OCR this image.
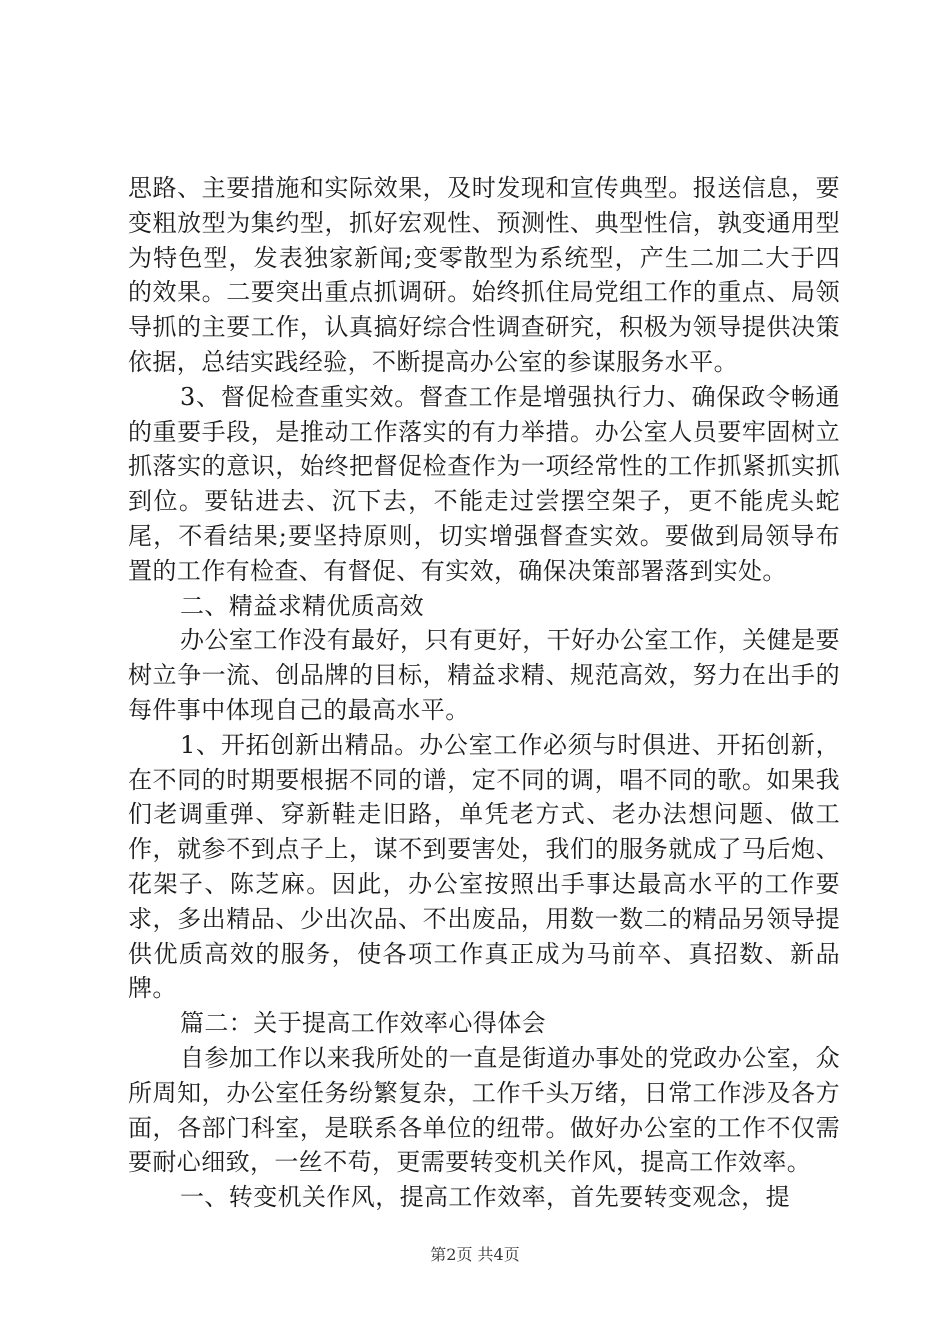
思路、主要措施和实际效果，及时发现和宣传典型。报送信息，要变粗放型为集约型，抓好宏观性、预测性、典型性信，孰变通用型为特色型，发表独家新闻;变零散型为系统型，产生二加二大于四的效果。二要突出重点抓调研。始终抓住局党组工作的重点、局领导抓的主要工作，认真搞好综合性调查研究，积极为领导提供决策依据，总结实践经验，不断提高办公室的参谋服务水平。

3、督促检查重实效。督查工作是增强执行力、确保政令畅通的重要手段，是推动工作落实的有力举措。办公室人员要牢固树立抓落实的意识，始终把督促检查作为一项经常性的工作抓紧抓实抓到位。要钻进去、沉下去，不能走过尝摆空架子，更不能虎头蛇尾，不看结果;要坚持原则，切实增强督查实效。要做到局领导布置的工作有检查、有督促、有实效，确保决策部署落到实处。

二、精益求精优质高效

办公室工作没有最好，只有更好，干好办公室工作，关健是要树立争一流、创品牌的目标，精益求精、规范高效，努力在出手的每件事中体现自己的最高水平。

1、开拓创新出精品。办公室工作必须与时俱进、开拓创新，在不同的时期要根据不同的谱，定不同的调，唱不同的歌。如果我们老调重弹、穿新鞋走旧路，单凭老方式、老办法想问题、做工作，就参不到点子上，谋不到要害处，我们的服务就成了马后炮、花架子、陈芝麻。因此，办公室按照出手事达最高水平的工作要求，多出精品、少出次品、不出废品，用数一数二的精品另领导提供优质高效的服务，使各项工作真正成为马前卒、真招数、新品牌。

篇二：关于提高工作效率心得体会

自参加工作以来我所处的一直是街道办事处的党政办公室，众所周知，办公室任务纷繁复杂，工作千头万绪，日常工作涉及各方面，各部门科室，是联系各单位的纽带。做好办公室的工作不仅需要耐心细致，一丝不苟，更需要转变机关作风，提高工作效率。

一、转变机关作风，提高工作效率，首先要转变观念，提

第2页 共4页
